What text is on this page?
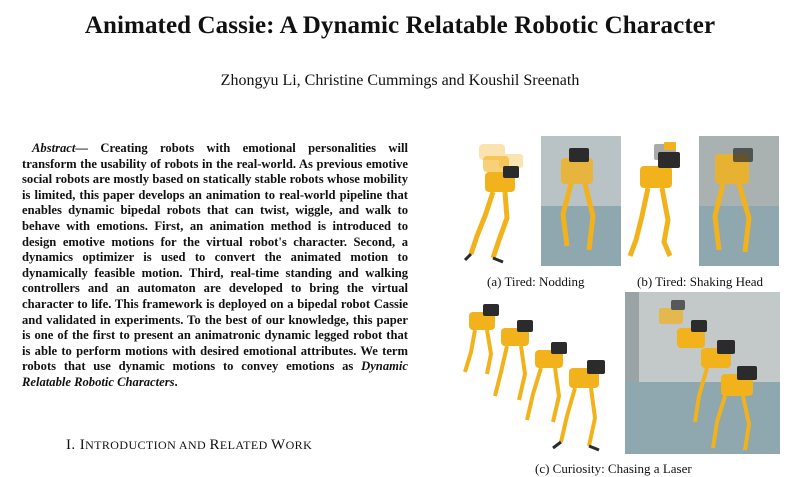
Animated Cassie: A Dynamic Relatable Robotic Character
Zhongyu Li, Christine Cummings and Koushil Sreenath
Abstract— Creating robots with emotional personalities will transform the usability of robots in the real-world. As previous emotive social robots are mostly based on statically stable robots whose mobility is limited, this paper develops an animation to real-world pipeline that enables dynamic bipedal robots that can twist, wiggle, and walk to behave with emotions. First, an animation method is introduced to design emotive motions for the virtual robot's character. Second, a dynamics optimizer is used to convert the animated motion to dynamically feasible motion. Third, real-time standing and walking controllers and an automaton are developed to bring the virtual character to life. This framework is deployed on a bipedal robot Cassie and validated in experiments. To the best of our knowledge, this paper is one of the first to present an animatronic dynamic legged robot that is able to perform motions with desired emotional attributes. We term robots that use dynamic motions to convey emotions as Dynamic Relatable Robotic Characters.
I. INTRODUCTION AND RELATED WORK
(a) Tired: Nodding	(b) Tired: Shaking Head
(c) Curiosity: Chasing a Laser
